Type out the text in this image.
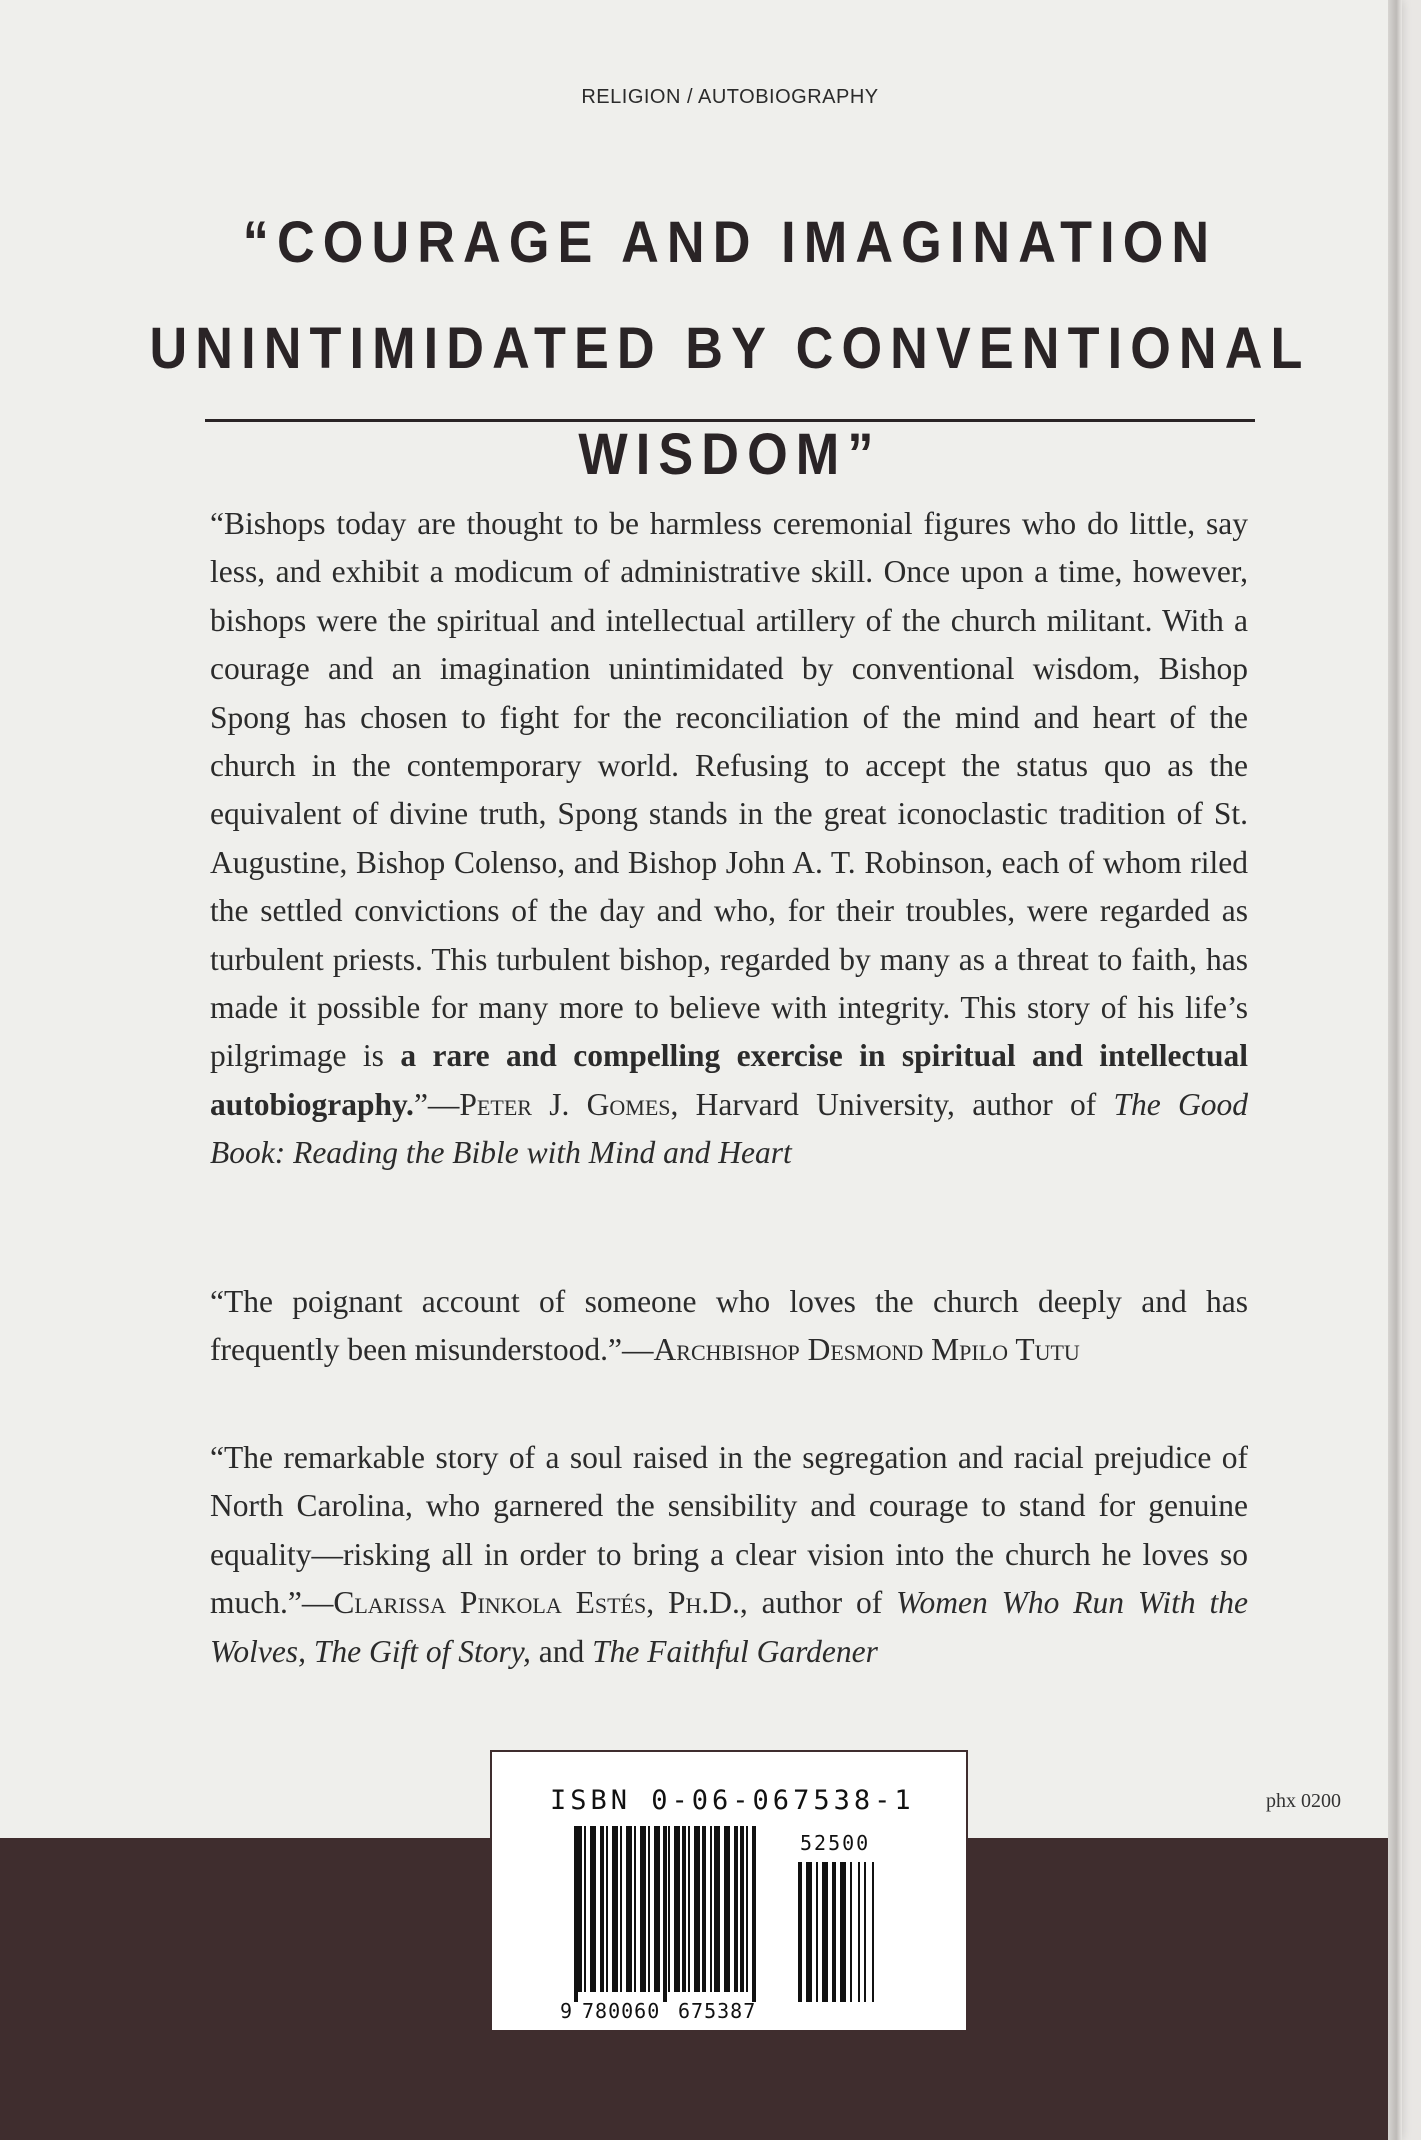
RELIGION / AUTOBIOGRAPHY
“COURAGE AND IMAGINATION
UNINTIMIDATED BY CONVENTIONAL WISDOM”
“Bishops today are thought to be harmless ceremonial figures who do little, say less, and exhibit a modicum of administrative skill. Once upon a time, however, bishops were the spiritual and intellectual artillery of the church militant. With a courage and an imagination unintimidated by conventional wisdom, Bishop Spong has chosen to fight for the reconciliation of the mind and heart of the church in the contemporary world. Refusing to accept the status quo as the equivalent of divine truth, Spong stands in the great iconoclastic tradition of St. Augustine, Bishop Colenso, and Bishop John A. T. Robinson, each of whom riled the settled convictions of the day and who, for their troubles, were regarded as turbulent priests. This turbulent bishop, regarded by many as a threat to faith, has made it possible for many more to believe with integrity. This story of his life’s pilgrimage is a rare and compelling exercise in spiritual and intellectual autobiography.”—Peter J. Gomes, Harvard University, author of The Good Book: Reading the Bible with Mind and Heart
“The poignant account of someone who loves the church deeply and has frequently been misunderstood.”—Archbishop Desmond Mpilo Tutu
“The remarkable story of a soul raised in the segregation and racial prejudice of North Carolina, who garnered the sensibility and courage to stand for genuine equality—risking all in order to bring a clear vision into the church he loves so much.”—Clarissa Pinkola Estés, Ph.D., author of Women Who Run With the Wolves, The Gift of Story, and The Faithful Gardener
phx 0200
ISBN 0-06-067538-1
52500
9 780060 675387
